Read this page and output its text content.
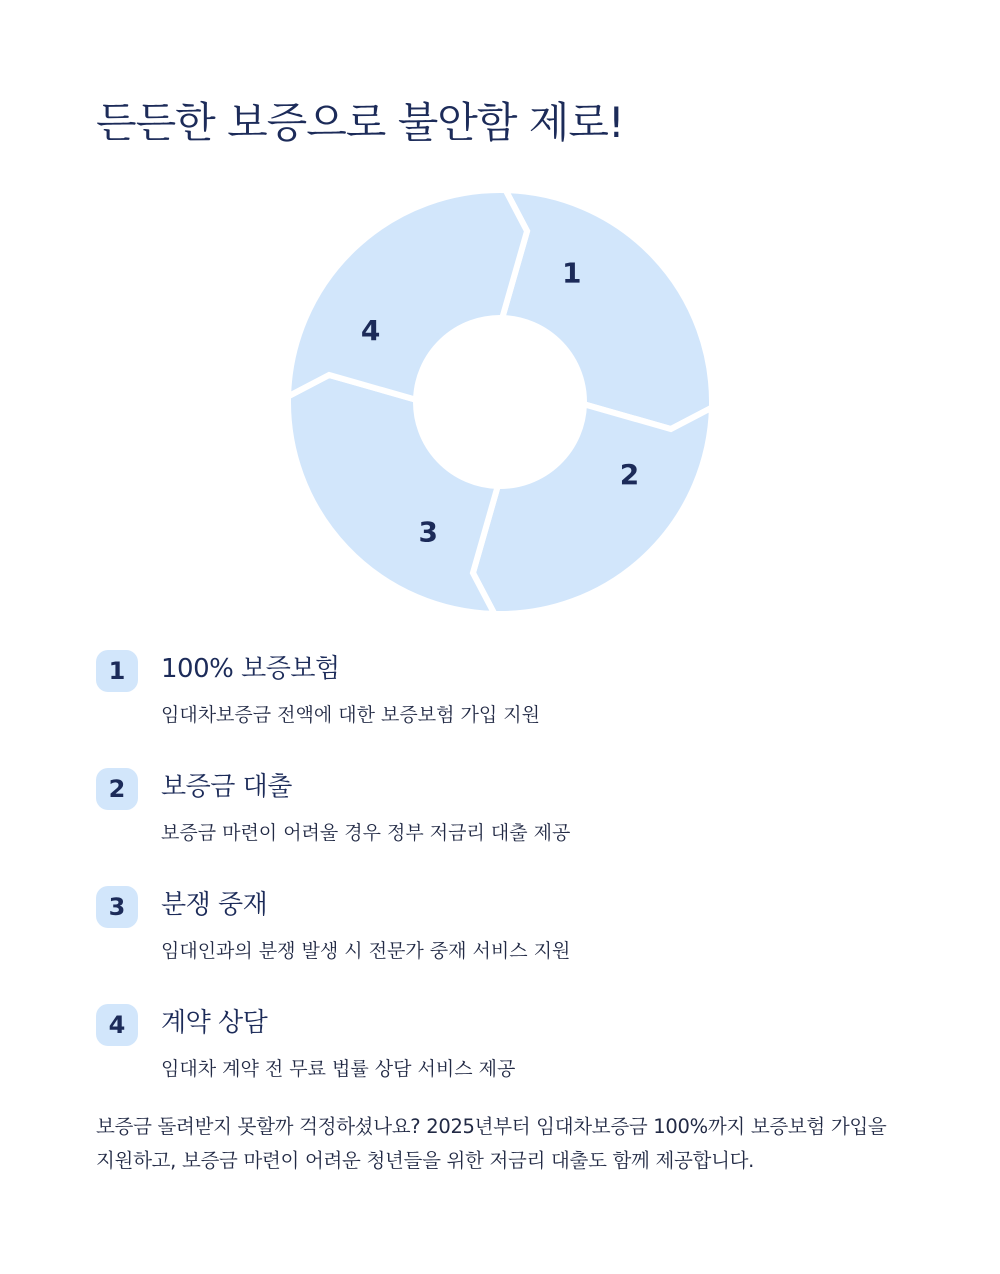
든든한 보증으로 불안함 제로!
1
2
3
4
1	100% 보증보험

임대차보증금 전액에 대한 보증보험 가입 지원

2	보증금 대출

보증금 마련이 어려울 경우 정부 저금리 대출 제공

3	분쟁 중재

임대인과의 분쟁 발생 시 전문가 중재 서비스 지원

4	계약 상담

임대차 계약 전 무료 법률 상담 서비스 제공

보증금 돌려받지 못할까 걱정하셨나요? 2025년부터 임대차보증금 100%까지 보증보험 가입을 지원하고, 보증금 마련이 어려운 청년들을 위한 저금리 대출도 함께 제공합니다.
